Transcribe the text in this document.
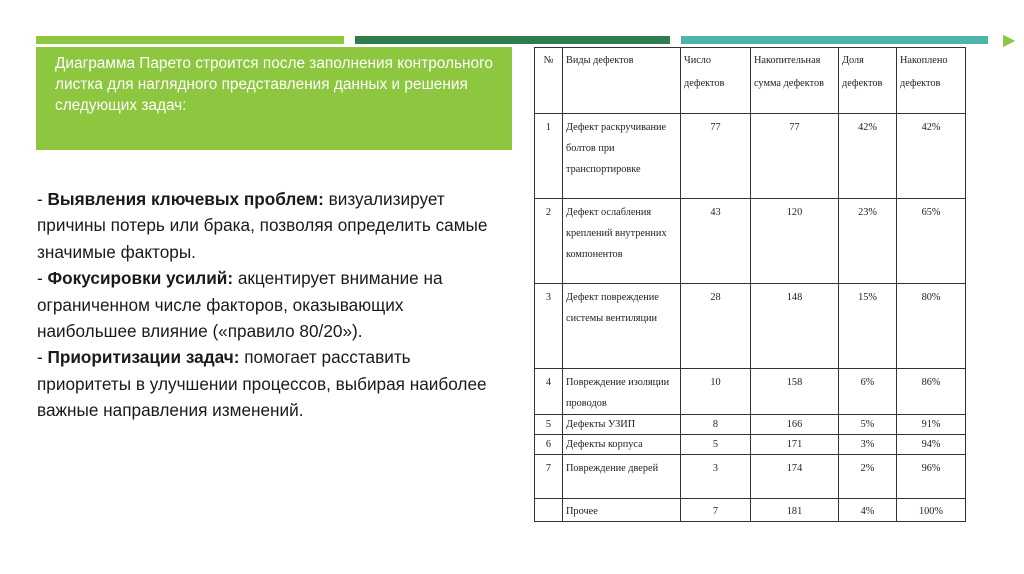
▶
Диаграмма Парето строится после заполнения контрольного листка для наглядного представления данных и решения следующих задач:

- Выявления ключевых проблем: визуализирует причины потерь или брака, позволяя определить самые значимые факторы.

- Фокусировки усилий: акцентирует внимание на ограниченном числе факторов, оказывающих наибольшее влияние («правило 80/20»).

- Приоритизации задач: помогает расставить приоритеты в улучшении процессов, выбирая наиболее важные направления изменений.

№	Виды дефектов	Число дефектов	Накопительная сумма дефектов	Доля дефектов	Накоплено дефектов
1	Дефект раскручивание болтов при транспортировке	77	77	42%	42%
2	Дефект ослабления креплений внутренних компонентов	43	120	23%	65%
3	Дефект повреждение системы вентиляции	28	148	15%	80%
4	Повреждение изоляции проводов	10	158	6%	86%
5	Дефекты УЗИП	8	166	5%	91%
6	Дефекты корпуса	5	171	3%	94%
7	Повреждение дверей	3	174	2%	96%
	Прочее	7	181	4%	100%
